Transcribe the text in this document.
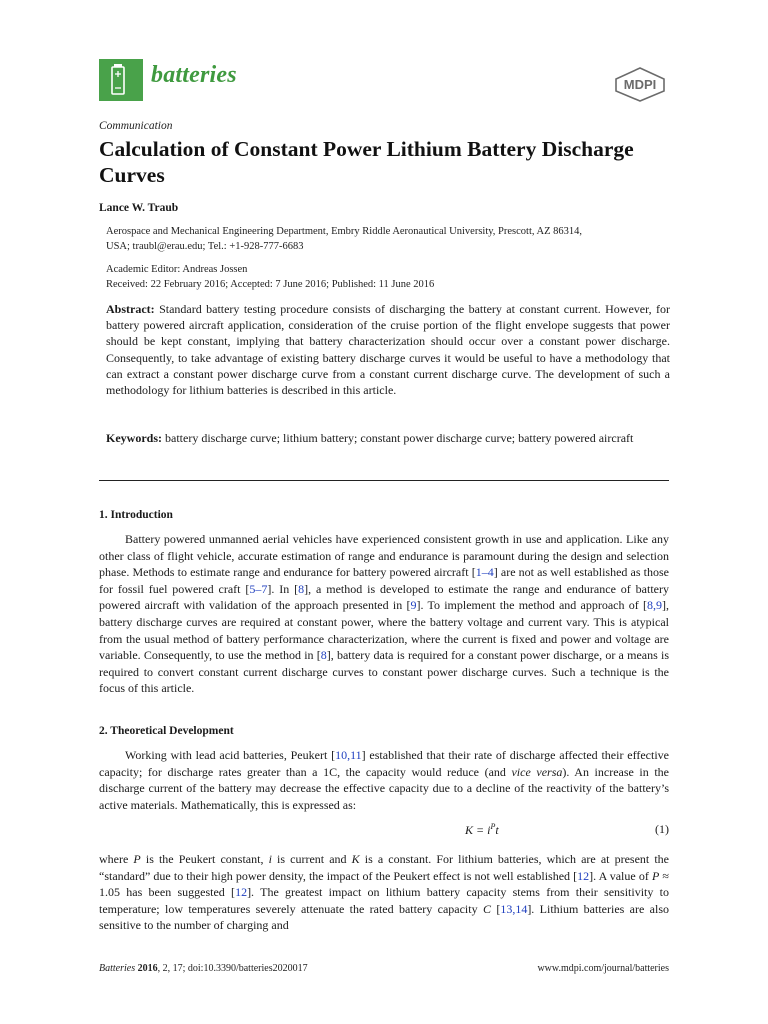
batteries	MDPI
Communication
Calculation of Constant Power Lithium Battery Discharge Curves
Lance W. Traub
Aerospace and Mechanical Engineering Department, Embry Riddle Aeronautical University, Prescott, AZ 86314,
USA; traubl@erau.edu; Tel.: +1-928-777-6683
Academic Editor: Andreas Jossen
Received: 22 February 2016; Accepted: 7 June 2016; Published: 11 June 2016
Abstract: Standard battery testing procedure consists of discharging the battery at constant current. However, for battery powered aircraft application, consideration of the cruise portion of the flight envelope suggests that power should be kept constant, implying that battery characterization should occur over a constant power discharge. Consequently, to take advantage of existing battery discharge curves it would be useful to have a methodology that can extract a constant power discharge curve from a constant current discharge curve. The development of such a methodology for lithium batteries is described in this article.
Keywords: battery discharge curve; lithium battery; constant power discharge curve; battery powered aircraft
1. Introduction
Battery powered unmanned aerial vehicles have experienced consistent growth in use and application. Like any other class of flight vehicle, accurate estimation of range and endurance is paramount during the design and selection phase. Methods to estimate range and endurance for battery powered aircraft [1–4] are not as well established as those for fossil fuel powered craft [5–7]. In [8], a method is developed to estimate the range and endurance of battery powered aircraft with validation of the approach presented in [9]. To implement the method and approach of [8,9], battery discharge curves are required at constant power, where the battery voltage and current vary. This is atypical from the usual method of battery performance characterization, where the current is fixed and power and voltage are variable. Consequently, to use the method in [8], battery data is required for a constant power discharge, or a means is required to convert constant current discharge curves to constant power discharge curves. Such a technique is the focus of this article.
2. Theoretical Development
Working with lead acid batteries, Peukert [10,11] established that their rate of discharge affected their effective capacity; for discharge rates greater than a 1C, the capacity would reduce (and vice versa). An increase in the discharge current of the battery may decrease the effective capacity due to a decline of the reactivity of the battery’s active materials. Mathematically, this is expressed as:
$K = i^Pt$	(1)
where P is the Peukert constant, i is current and K is a constant. For lithium batteries, which are at present the “standard” due to their high power density, the impact of the Peukert effect is not well established [12]. A value of P ≈ 1.05 has been suggested [12]. The greatest impact on lithium battery capacity stems from their sensitivity to temperature; low temperatures severely attenuate the rated battery capacity C [13,14]. Lithium batteries are also sensitive to the number of charging and
Batteries 2016, 2, 17; doi:10.3390/batteries2020017	www.mdpi.com/journal/batteries
